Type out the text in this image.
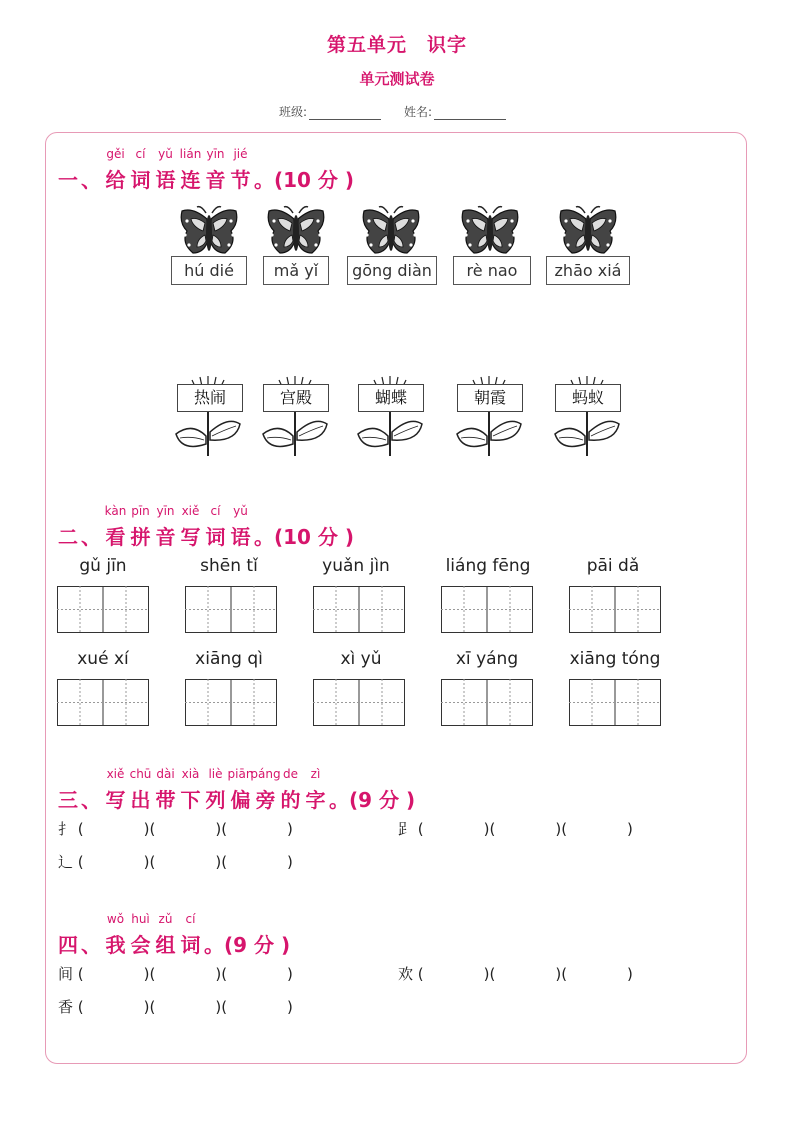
第五单元　识字
单元测试卷
班级:	姓名:
一 、
gěi
给
cí
词
yǔ
语
lián
连
yīn
音
jié
节 。(10 分 )
hú dié	mǎ yǐ	gōng diàn	rè nao	zhāo xiá
热闹	宫殿	蝴蝶	朝霞	蚂蚁
二 、
kàn
看
pīn
拼
yīn
音
xiě
写
cí
词
yǔ
语 。(10 分 )
gǔ jīn	shēn tǐ	yuǎn jìn	liáng fēng	pāi dǎ
xué xí	xiāng qì	xì yǔ	xī yáng	xiāng tóng
三 、
xiě
写
chū
出
dài
带
xià
下
liè
列
piān
偏
páng
旁
de
的
zì
字 。(9 分 )
扌 (　　　　)(　　　　)(　　　　)	𧾷 (　　　　)(　　　　)(　　　　)
辶 (　　　　)(　　　　)(　　　　)
四 、
wǒ
我
huì
会
zǔ
组
cí
词 。(9 分 )
间 (　　　　)(　　　　)(　　　　)	欢 (　　　　)(　　　　)(　　　　)
香 (　　　　)(　　　　)(　　　　)
